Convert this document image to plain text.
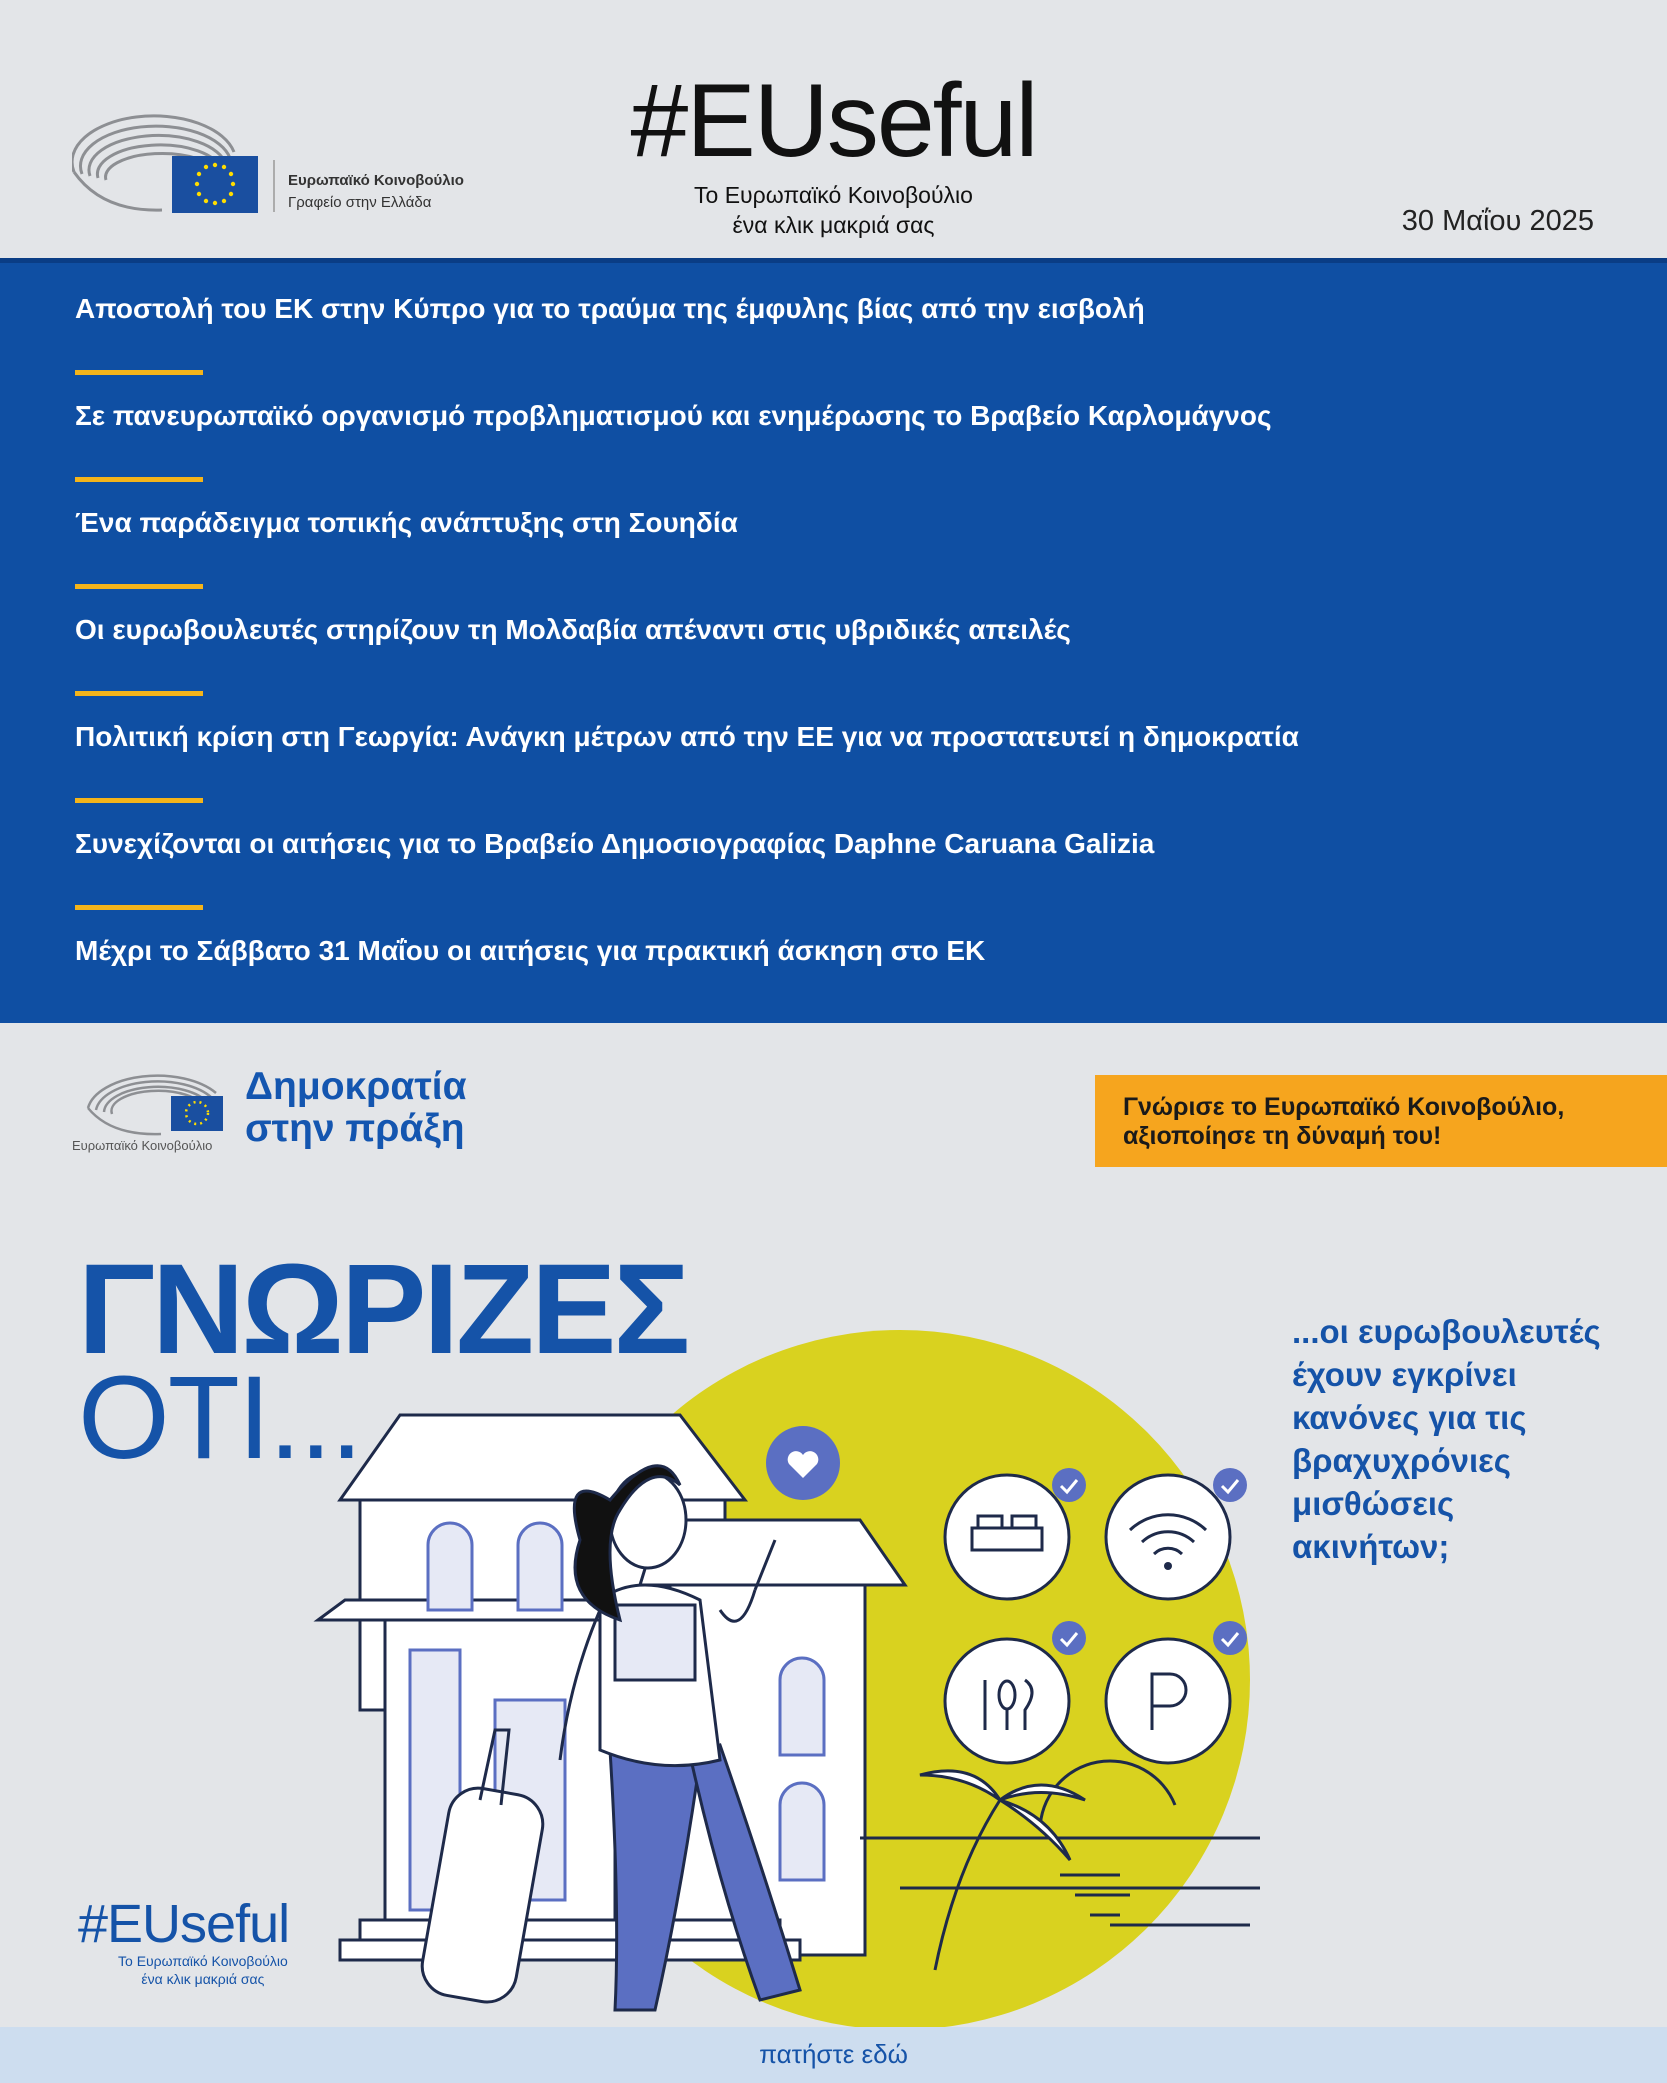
Ευρωπαϊκό Κοινοβούλιο
Γραφείο στην Ελλάδα
#EUseful
Το Ευρωπαϊκό Κοινοβούλιο
ένα κλικ μακριά σας	30 Μαΐου 2025
Αποστολή του ΕΚ στην Κύπρο για το τραύμα της έμφυλης βίας από την εισβολή
Σε πανευρωπαϊκό οργανισμό προβληματισμού και ενημέρωσης το Βραβείο Καρλομάγνος
Ένα παράδειγμα τοπικής ανάπτυξης στη Σουηδία
Οι ευρωβουλευτές στηρίζουν τη Μολδαβία απέναντι στις υβριδικές απειλές
Πολιτική κρίση στη Γεωργία: Ανάγκη μέτρων από την ΕΕ για να προστατευτεί η δημοκρατία
Συνεχίζονται οι αιτήσεις για το Βραβείο Δημοσιογραφίας Daphne Caruana Galizia
Μέχρι το Σάββατο 31 Μαΐου οι αιτήσεις για πρακτική άσκηση στο ΕΚ
Ευρωπαϊκό Κοινοβούλιο
Δημοκρατία
στην πράξη	Γνώρισε το Ευρωπαϊκό Κοινοβούλιο,
αξιοποίησε τη δύναμή του!
ΓΝΩΡΙΖΕΣ
ΟΤΙ...
...οι ευρωβουλευτές
έχουν εγκρίνει
κανόνες για τις
βραχυχρόνιες
μισθώσεις
ακινήτων;
#EUseful
Το Ευρωπαϊκό Κοινοβούλιο
ένα κλικ μακριά σας
πατήστε εδώ
